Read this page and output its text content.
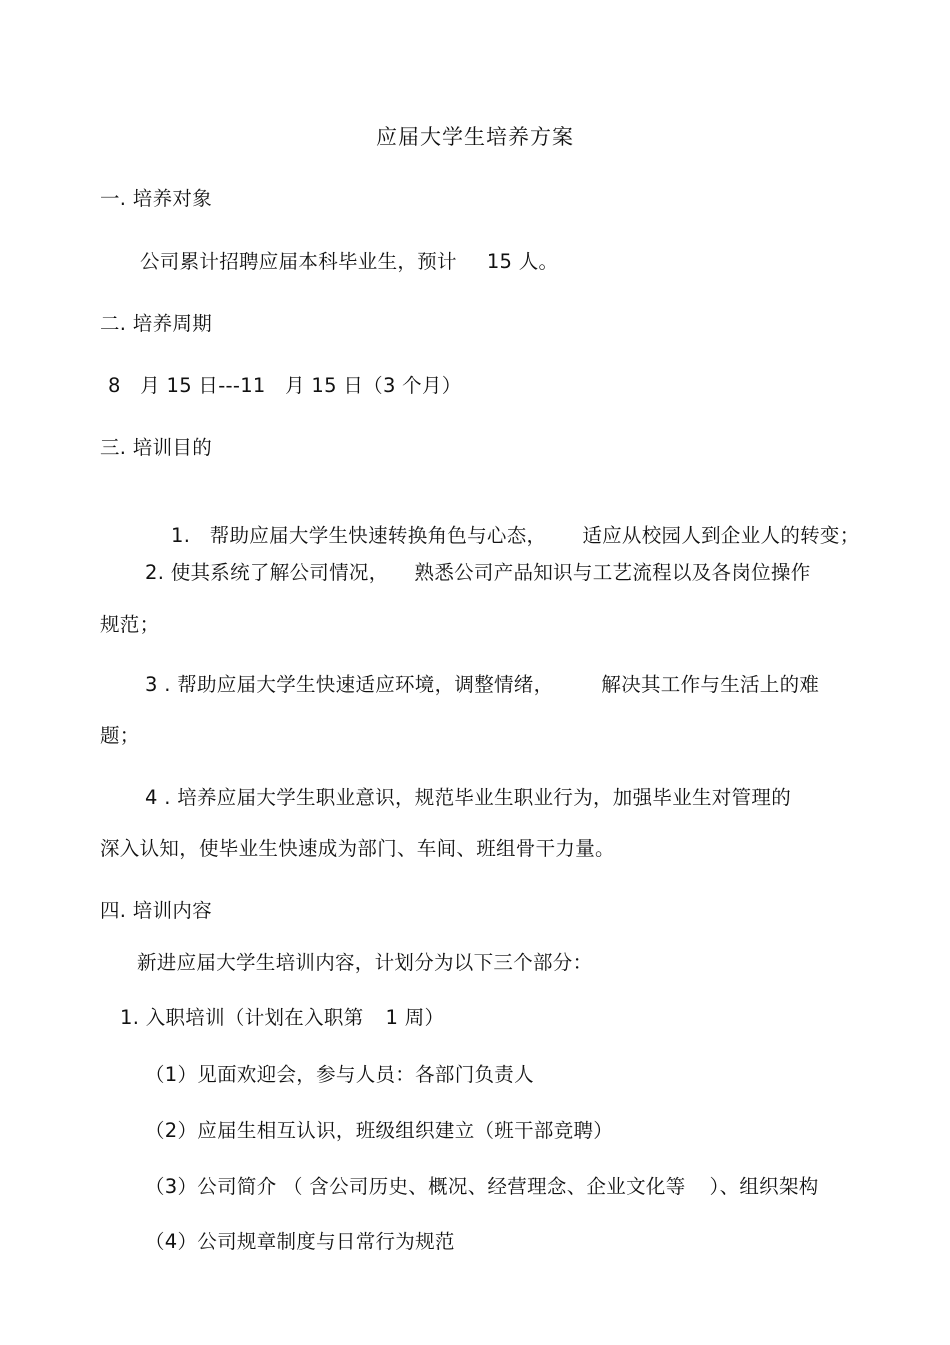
应届大学生培养方案
一. 培养对象
公司累计招聘应届本科毕业生，预计 15 人。
二. 培养周期
8   月 15 日---11   月 15 日（3 个月）
三. 培训目的

1.   帮助应届大学生快速转换角色与心态， 适应从校园人到企业人的转变；

2. 使其系统了解公司情况， 熟悉公司产品知识与工艺流程以及各岗位操作
规范；
3 . 帮助应届大学生快速适应环境，调整情绪， 解决其工作与生活上的难
题；
4 . 培养应届大学生职业意识，规范毕业生职业行为，加强毕业生对管理的
深入认知，使毕业生快速成为部门、车间、班组骨干力量。
四. 培训内容
新进应届大学生培训内容，计划分为以下三个部分：
1. 入职培训（计划在入职第 1 周）
（1）见面欢迎会，参与人员：各部门负责人
（2）应届生相互认识，班级组织建立（班干部竞聘）
（3）公司简介 （ 含公司历史、概况、经营理念、企业文化等 ）、组织架构
（4）公司规章制度与日常行为规范
